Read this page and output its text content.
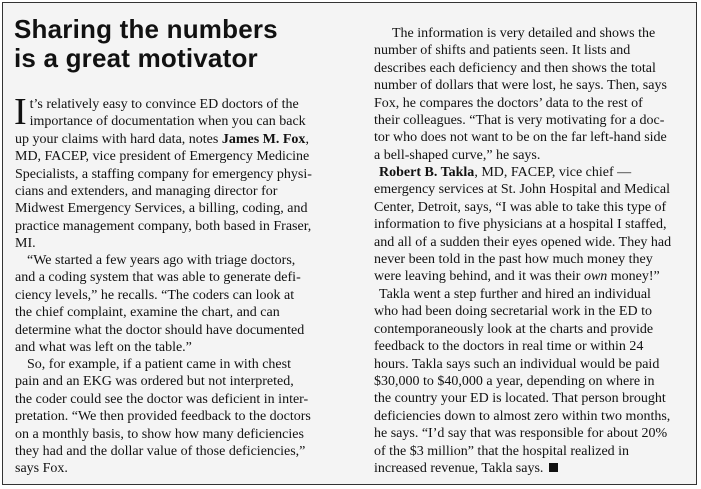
Sharing the numbers
is a great motivator
I t’s relatively easy to convince ED doctors of the
importance of documentation when you can back
up your claims with hard data, notes James M. Fox,
MD, FACEP, vice president of Emergency Medicine
Specialists, a staffing company for emergency physi-
cians and extenders, and managing director for
Midwest Emergency Services, a billing, coding, and
practice management company, both based in Fraser,
MI.
“We started a few years ago with triage doctors,
and a coding system that was able to generate defi-
ciency levels,” he recalls. “The coders can look at
the chief complaint, examine the chart, and can
determine what the doctor should have documented
and what was left on the table.”
So, for example, if a patient came in with chest
pain and an EKG was ordered but not interpreted,
the coder could see the doctor was deficient in inter-
pretation. “We then provided feedback to the doctors
on a monthly basis, to show how many deficiencies
they had and the dollar value of those deficiencies,”
says Fox.
The information is very detailed and shows the
number of shifts and patients seen. It lists and
describes each deficiency and then shows the total
number of dollars that were lost, he says. Then, says
Fox, he compares the doctors’ data to the rest of
their colleagues. “That is very motivating for a doc-
tor who does not want to be on the far left-hand side
a bell-shaped curve,” he says.
Robert B. Takla, MD, FACEP, vice chief —
emergency services at St. John Hospital and Medical
Center, Detroit, says, “I was able to take this type of
information to five physicians at a hospital I staffed,
and all of a sudden their eyes opened wide. They had
never been told in the past how much money they
were leaving behind, and it was their own money!”
Takla went a step further and hired an individual
who had been doing secretarial work in the ED to
contemporaneously look at the charts and provide
feedback to the doctors in real time or within 24
hours. Takla says such an individual would be paid
$30,000 to $40,000 a year, depending on where in
the country your ED is located. That person brought
deficiencies down to almost zero within two months,
he says. “I’d say that was responsible for about 20%
of the $3 million” that the hospital realized in
increased revenue, Takla says.
